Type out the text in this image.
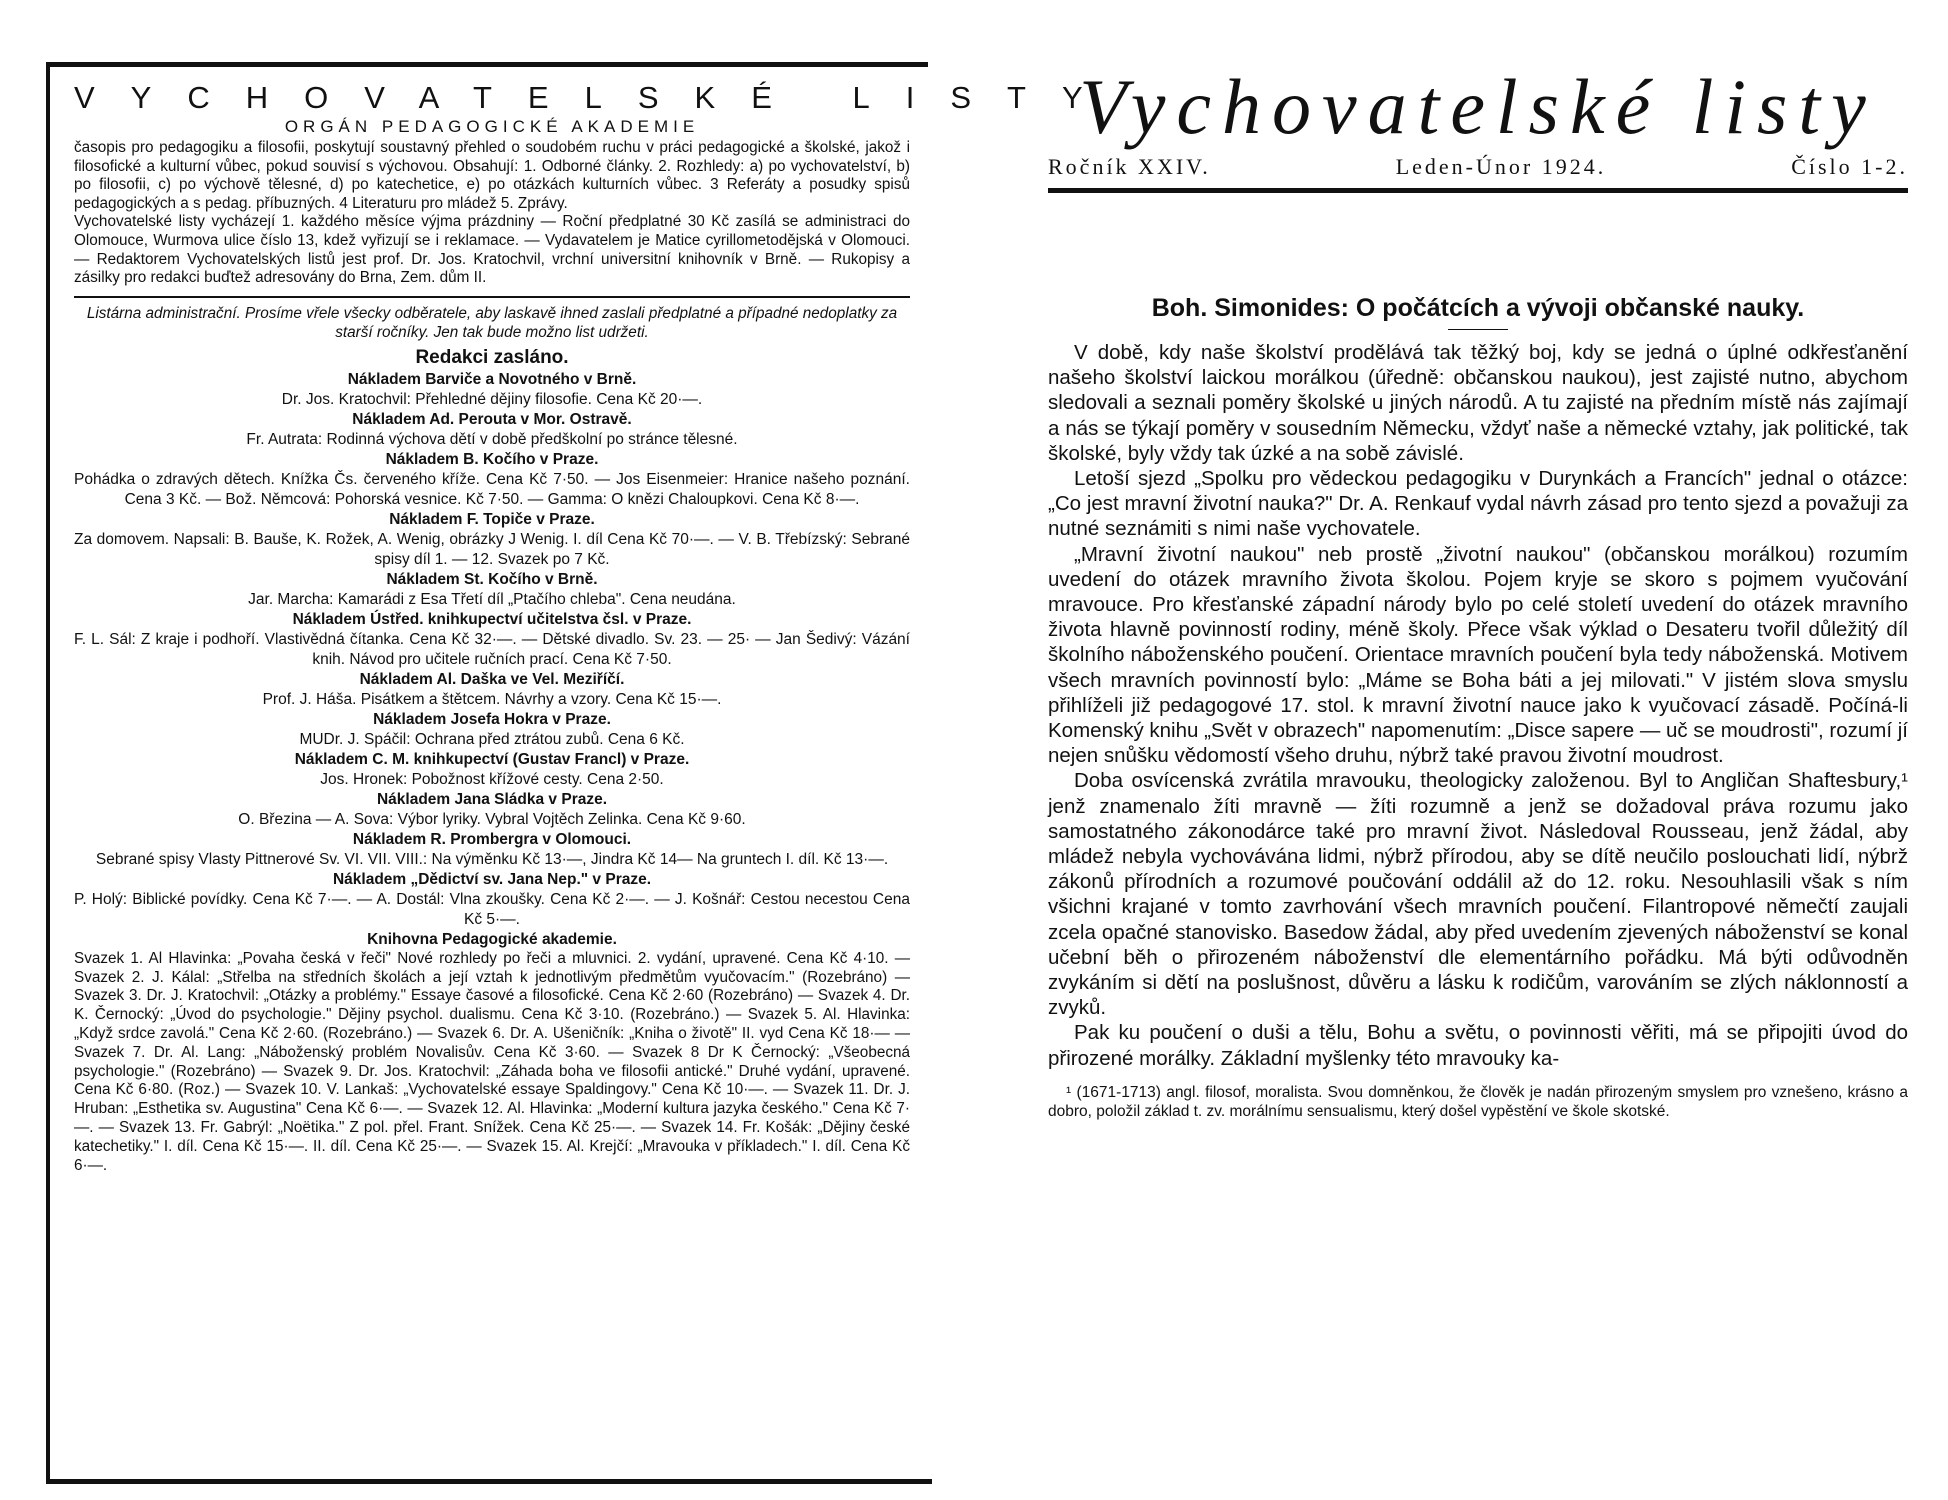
VYCHOVATELSKÉ LISTY
ORGÁN PEDAGOGICKÉ AKADEMIE
časopis pro pedagogiku a filosofii, poskytují soustavný přehled o soudobém ruchu v práci pedagogické a školské, jakož i filosofické a kulturní vůbec, pokud souvisí s výchovou. Obsahují: 1. Odborné články. 2. Rozhledy: a) po vychovatelství, b) po filosofii, c) po výchově tělesné, d) po katechetice, e) po otázkách kulturních vůbec. 3 Referáty a posudky spisů pedagogických a s pedag. příbuzných. 4 Literaturu pro mládež 5. Zprávy.
Vychovatelské listy vycházejí 1. každého měsíce výjma prázdniny — Roční předplatné 30 Kč zasílá se administraci do Olomouce, Wurmova ulice číslo 13, kdež vyřizují se i reklamace. — Vydavatelem je Matice cyrillometodějská v Olomouci. — Redaktorem Vychovatelských listů jest prof. Dr. Jos. Kratochvil, vrchní universitní knihovník v Brně. — Rukopisy a zásilky pro redakci buďtež adresovány do Brna, Zem. dům II.
Listárna administrační. Prosíme vřele všecky odběratele, aby laskavě ihned zaslali předplatné a případné nedoplatky za starší ročníky. Jen tak bude možno list udržeti.
Redakci zasláno.
Nákladem Barviče a Novotného v Brně.
Dr. Jos. Kratochvil: Přehledné dějiny filosofie. Cena Kč 20·—.
Nákladem Ad. Perouta v Mor. Ostravě.
Fr. Autrata: Rodinná výchova dětí v době předškolní po stránce tělesné.
Nákladem B. Kočího v Praze.
Pohádka o zdravých dětech. Knížka Čs. červeného kříže. Cena Kč 7·50. — Jos Eisenmeier: Hranice našeho poznání. Cena 3 Kč. — Bož. Němcová: Pohorská vesnice. Kč 7·50. — Gamma: O knězi Chaloupkovi. Cena Kč 8·—.
Nákladem F. Topiče v Praze.
Za domovem. Napsali: B. Bauše, K. Rožek, A. Wenig, obrázky J Wenig. I. díl Cena Kč 70·—. — V. B. Třebízský: Sebrané spisy díl 1. — 12. Svazek po 7 Kč.
Nákladem St. Kočího v Brně.
Jar. Marcha: Kamarádi z Esa Třetí díl „Ptačího chleba". Cena neudána.
Nákladem Ústřed. knihkupectví učitelstva čsl. v Praze.
F. L. Sál: Z kraje i podhoří. Vlastivědná čítanka. Cena Kč 32·—. — Dětské divadlo. Sv. 23. — 25· — Jan Šedivý: Vázání knih. Návod pro učitele ručních prací. Cena Kč 7·50.
Nákladem Al. Daška ve Vel. Meziříčí.
Prof. J. Háša. Pisátkem a štětcem. Návrhy a vzory. Cena Kč 15·—.
Nákladem Josefa Hokra v Praze.
MUDr. J. Spáčil: Ochrana před ztrátou zubů. Cena 6 Kč.
Nákladem C. M. knihkupectví (Gustav Francl) v Praze.
Jos. Hronek: Pobožnost křížové cesty. Cena 2·50.
Nákladem Jana Sládka v Praze.
O. Březina — A. Sova: Výbor lyriky. Vybral Vojtěch Zelinka. Cena Kč 9·60.
Nákladem R. Prombergra v Olomouci.
Sebrané spisy Vlasty Pittnerové Sv. VI. VII. VIII.: Na výměnku Kč 13·—, Jindra Kč 14— Na gruntech I. díl. Kč 13·—.
Nákladem „Dědictví sv. Jana Nep." v Praze.
P. Holý: Biblické povídky. Cena Kč 7·—. — A. Dostál: Vlna zkoušky. Cena Kč 2·—. — J. Košnář: Cestou necestou Cena Kč 5·—.
Knihovna Pedagogické akademie.
Svazek 1. Al Hlavinka: „Povaha česká v řeči" Nové rozhledy po řeči a mluvnici. 2. vydání, upravené. Cena Kč 4·10. — Svazek 2. J. Kálal: „Střelba na středních školách a její vztah k jednotlivým předmětům vyučovacím." (Rozebráno) — Svazek 3. Dr. J. Kratochvil: „Otázky a problémy." Essaye časové a filosofické. Cena Kč 2·60 (Rozebráno) — Svazek 4. Dr. K. Černocký: „Úvod do psychologie." Dějiny psychol. dualismu. Cena Kč 3·10. (Rozebráno.) — Svazek 5. Al. Hlavinka: „Když srdce zavolá." Cena Kč 2·60. (Rozebráno.) — Svazek 6. Dr. A. Ušeničník: „Kniha o životě" II. vyd Cena Kč 18·— — Svazek 7. Dr. Al. Lang: „Náboženský problém Novalisův. Cena Kč 3·60. — Svazek 8 Dr K Černocký: „Všeobecná psychologie." (Rozebráno) — Svazek 9. Dr. Jos. Kratochvil: „Záhada boha ve filosofii antické." Druhé vydání, upravené. Cena Kč 6·80. (Roz.) — Svazek 10. V. Lankaš: „Vychovatelské essaye Spaldingovy." Cena Kč 10·—. — Svazek 11. Dr. J. Hruban: „Esthetika sv. Augustina" Cena Kč 6·—. — Svazek 12. Al. Hlavinka: „Moderní kultura jazyka českého." Cena Kč 7·—. — Svazek 13. Fr. Gabrýl: „Noëtika." Z pol. přel. Frant. Snížek. Cena Kč 25·—. — Svazek 14. Fr. Košák: „Dějiny české katechetiky." I. díl. Cena Kč 15·—. II. díl. Cena Kč 25·—. — Svazek 15. Al. Krejčí: „Mravouka v příkladech." I. díl. Cena Kč 6·—.
Vychovatelské listy
Ročník XXIV.	Leden-Únor 1924.	Číslo 1-2.
Boh. Simonides: O počátcích a vývoji občanské nauky.

V době, kdy naše školství prodělává tak těžký boj, kdy se jedná o úplné odkřesťanění našeho školství laickou morálkou (úředně: občanskou naukou), jest zajisté nutno, abychom sledovali a seznali poměry školské u jiných národů. A tu zajisté na předním místě nás zajímají a nás se týkají poměry v sousedním Německu, vždyť naše a německé vztahy, jak politické, tak školské, byly vždy tak úzké a na sobě závislé.

Letoší sjezd „Spolku pro vědeckou pedagogiku v Durynkách a Francích" jednal o otázce: „Co jest mravní životní nauka?" Dr. A. Renkauf vydal návrh zásad pro tento sjezd a považuji za nutné seznámiti s nimi naše vychovatele.

„Mravní životní naukou" neb prostě „životní naukou" (občanskou morálkou) rozumím uvedení do otázek mravního života školou. Pojem kryje se skoro s pojmem vyučování mravouce. Pro křesťanské západní národy bylo po celé století uvedení do otázek mravního života hlavně povinností rodiny, méně školy. Přece však výklad o Desateru tvořil důležitý díl školního náboženského poučení. Orientace mravních poučení byla tedy náboženská. Motivem všech mravních povinností bylo: „Máme se Boha báti a jej milovati." V jistém slova smyslu přihlíželi již pedagogové 17. stol. k mravní životní nauce jako k vyučovací zásadě. Počíná-li Komenský knihu „Svět v obrazech" napomenutím: „Disce sapere — uč se moudrosti", rozumí jí nejen snůšku vědomostí všeho druhu, nýbrž také pravou životní moudrost.

Doba osvícenská zvrátila mravouku, theologicky založenou. Byl to Angličan Shaftesbury,¹ jenž znamenalo žíti mravně — žíti rozumně a jenž se dožadoval práva rozumu jako samostatného zákonodárce také pro mravní život. Následoval Rousseau, jenž žádal, aby mládež nebyla vychovávána lidmi, nýbrž přírodou, aby se dítě neučilo poslouchati lidí, nýbrž zákonů přírodních a rozumové poučování oddálil až do 12. roku. Nesouhlasili však s ním všichni krajané v tomto zavrhování všech mravních poučení. Filantropové němečtí zaujali zcela opačné stanovisko. Basedow žádal, aby před uvedením zjevených náboženství se konal učební běh o přirozeném náboženství dle elementárního pořádku. Má býti odůvodněn zvykáním si dětí na poslušnost, důvěru a lásku k rodičům, varováním se zlých náklonností a zvyků.

Pak ku poučení o duši a tělu, Bohu a světu, o povinnosti věřiti, má se připojiti úvod do přirozené morálky. Základní myšlenky této mravouky ka-

¹ (1671-1713) angl. filosof, moralista. Svou domněnkou, že člověk je nadán přirozeným smyslem pro vznešeno, krásno a dobro, položil základ t. zv. morálnímu sensualismu, který došel vypěstění ve škole skotské.
